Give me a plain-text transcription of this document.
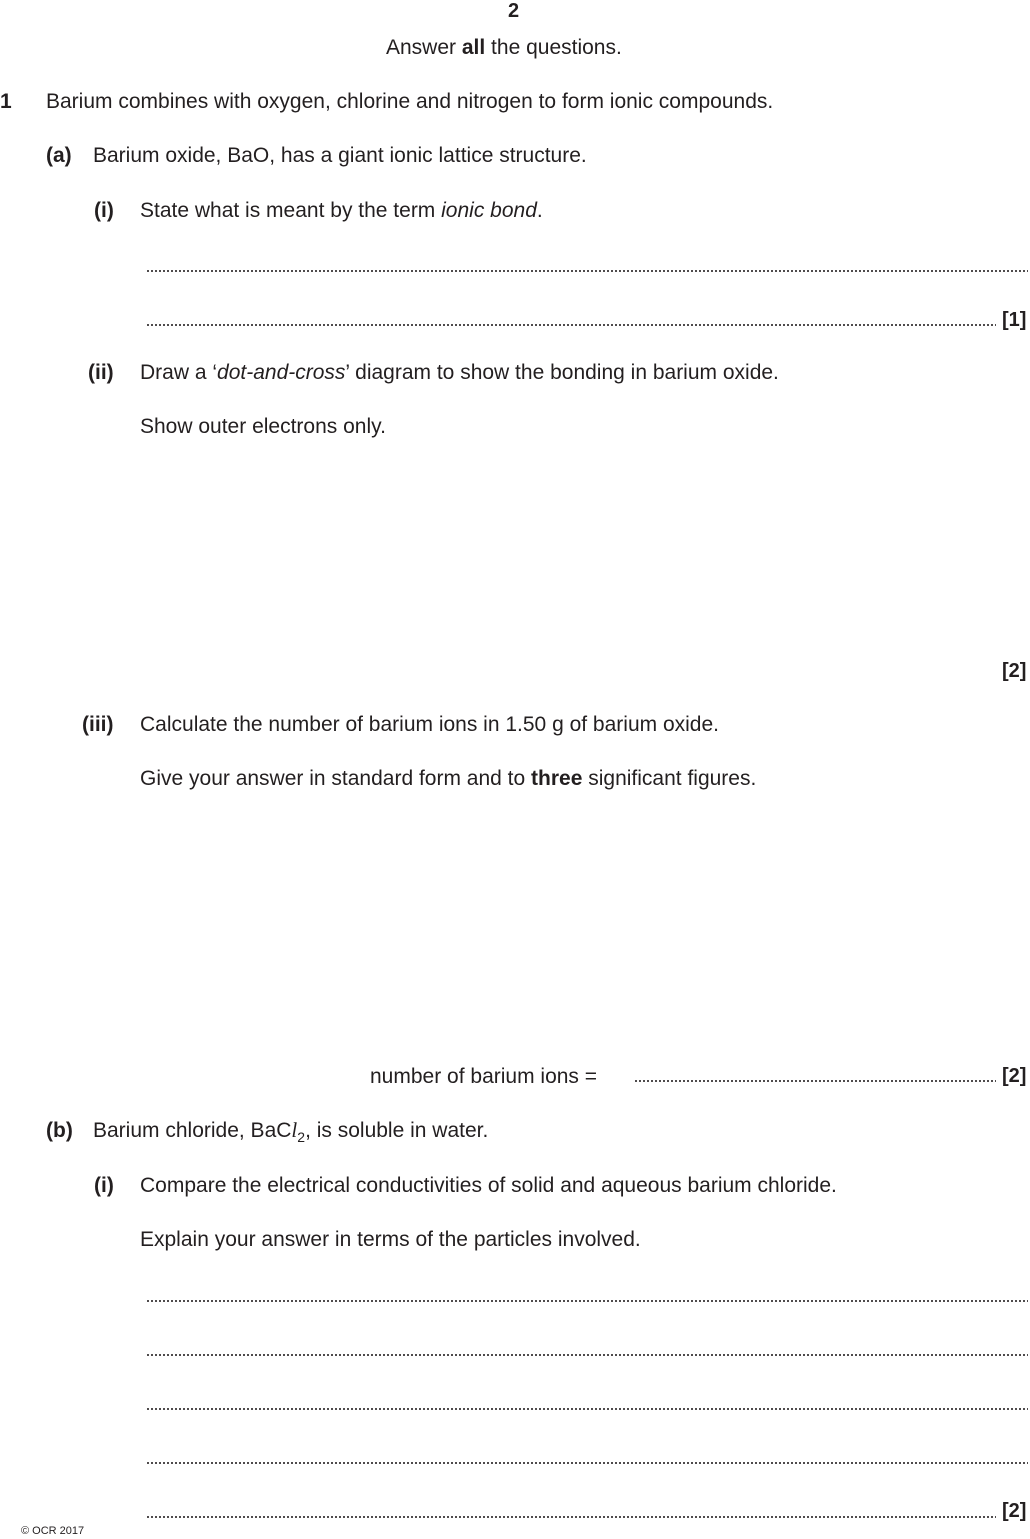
2
Answer all the questions.
1 Barium combines with oxygen, chlorine and nitrogen to form ionic compounds.
(a) Barium oxide, BaO, has a giant ionic lattice structure.
(i) State what is meant by the term ionic bond.
[1]
(ii) Draw a ‘dot-and-cross’ diagram to show the bonding in barium oxide.
Show outer electrons only.
[2]
(iii) Calculate the number of barium ions in 1.50 g of barium oxide.
Give your answer in standard form and to three significant figures.
number of barium ions =	[2]
(b) Barium chloride, BaCl$_2$, is soluble in water.
(i) Compare the electrical conductivities of solid and aqueous barium chloride.
Explain your answer in terms of the particles involved.
[2]
© OCR 2017
